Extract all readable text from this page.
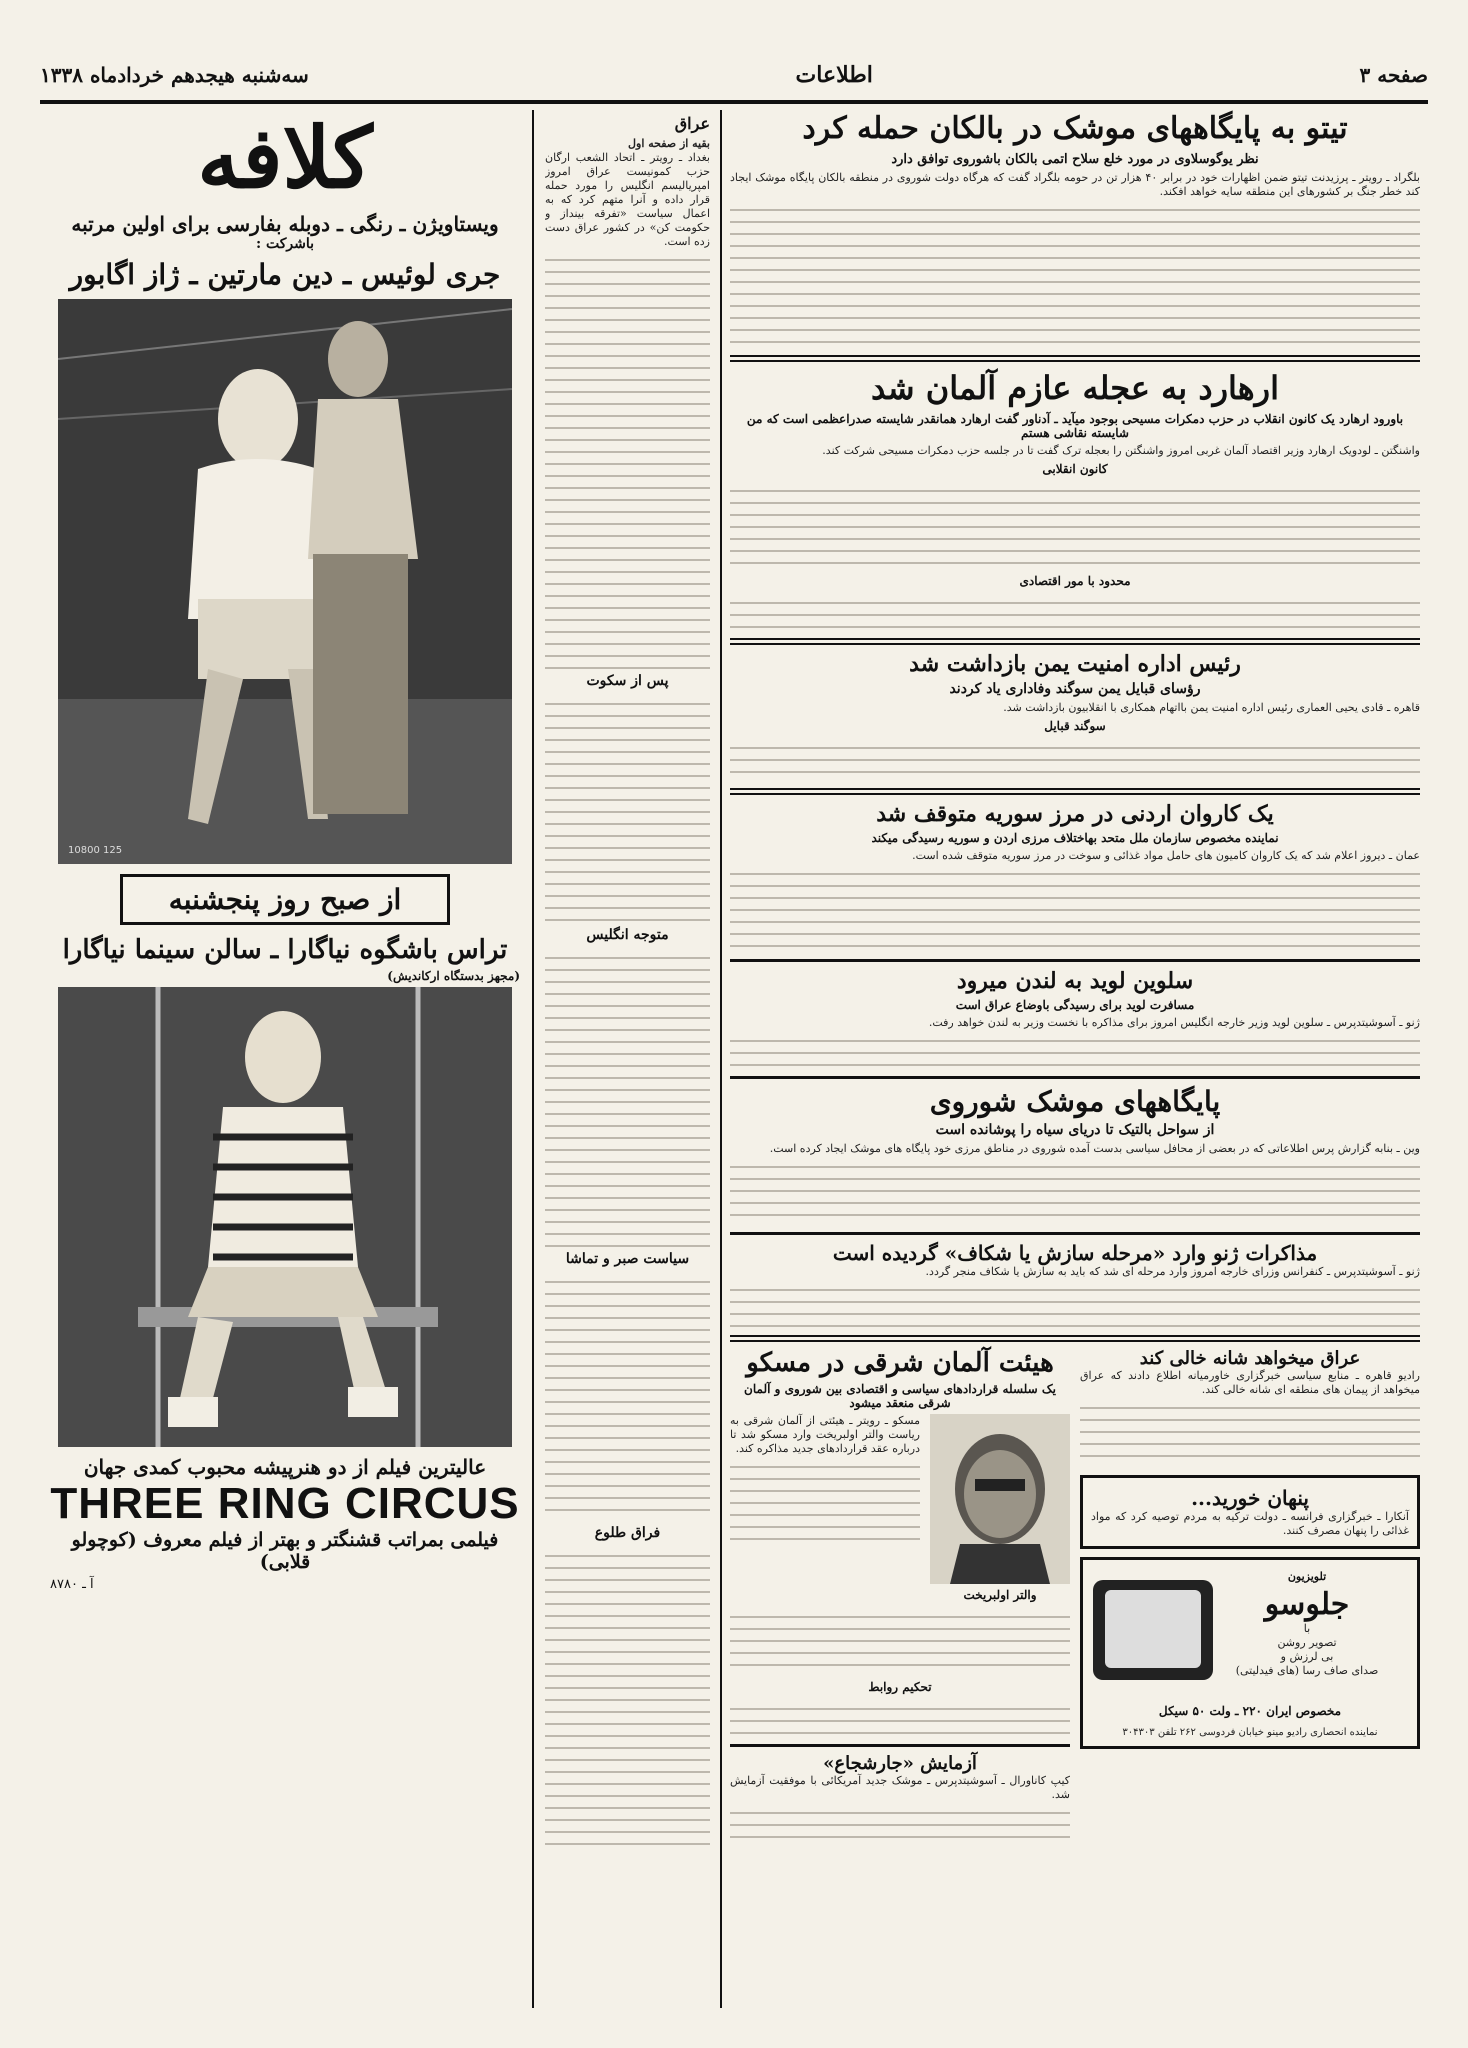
صفحه ۳
اطلاعات
سه‌شنبه هیجدهم خردادماه ۱۳۳۸
کلافه
ویستاویژن ـ رنگی ـ دوبله بفارسی برای اولین مرتبه
باشرکت :
جری لوئیس ـ دین مارتین ـ ژاز اگابور
10800 125
از صبح روز پنجشنبه
تراس باشگوه نیاگارا ـ سالن سینما نیاگارا
(مجهز بدستگاه ارکاندیش)
عالیترین فیلم از دو هنرپیشه محبوب کمدی جهان
THREE RING CIRCUS
فیلمی بمراتب قشنگتر و بهتر از فیلم معروف (کوچولو قلابی)
آ ـ ۸۷۸۰
عراق
بقیه از صفحه اول
بغداد ـ رویتر ـ اتحاد الشعب ارگان حزب کمونیست عراق امروز امپریالیسم انگلیس را مورد حمله قرار داده و آنرا متهم کرد که به اعمال سیاست «تفرقه بینداز و حکومت کن» در کشور عراق دست زده است.
پس از سکوت
متوجه انگلیس
سیاست صبر و تماشا
فراق طلوع
تیتو به پایگاههای موشک در بالکان حمله کرد
نظر یوگوسلاوی در مورد خلع سلاح اتمی بالکان باشوروی توافق دارد
بلگراد ـ رویتر ـ پرزیدنت تیتو ضمن اظهارات خود در برابر ۴۰ هزار تن در حومه بلگراد گفت که هرگاه دولت شوروی در منطقه بالکان پایگاه موشک ایجاد کند خطر جنگ بر کشورهای این منطقه سایه خواهد افکند.
ارهارد به عجله عازم آلمان شد
باورود ارهارد یک کانون انقلاب در حزب دمکرات مسیحی بوجود میآید ـ آدناور گفت ارهارد همانقدر شایسته صدراعظمی است که من شایسته نقاشی هستم
واشنگتن ـ لودویک ارهارد وزیر اقتصاد آلمان غربی امروز واشنگتن را بعجله ترک گفت تا در جلسه حزب دمکرات مسیحی شرکت کند.
کانون انقلابی
محدود با مور اقتصادی
رئیس اداره امنیت یمن بازداشت شد
رؤسای قبایل یمن سوگند وفاداری یاد کردند
قاهره ـ قادی یحیی العماری رئیس اداره امنیت یمن بااتهام همکاری با انقلابیون بازداشت شد.
سوگند قبایل
یک کاروان اردنی در مرز سوریه متوقف شد
نماینده مخصوص سازمان ملل متحد بهاختلاف مرزی اردن و سوریه رسیدگی میکند
عمان ـ دیروز اعلام شد که یک کاروان کامیون های حامل مواد غذائی و سوخت در مرز سوریه متوقف شده است.
سلوین لوید به لندن میرود
مسافرت لوید برای رسیدگی باوضاع عراق است
ژنو ـ آسوشیتدپرس ـ سلوین لوید وزیر خارجه انگلیس امروز برای مذاکره با نخست وزیر به لندن خواهد رفت.
پایگاههای موشک شوروی
از سواحل بالتیک تا دریای سیاه را پوشانده است
وین ـ بنابه گزارش پرس اطلاعاتی که در بعضی از محافل سیاسی بدست آمده شوروی در مناطق مرزی خود پایگاه های موشک ایجاد کرده است.
مذاکرات ژنو وارد «مرحله سازش یا شکاف» گردیده است
ژنو ـ آسوشیتدپرس ـ کنفرانس وزرای خارجه امروز وارد مرحله ای شد که باید به سازش یا شکاف منجر گردد.
عراق میخواهد شانه خالی کند
رادیو قاهره ـ منابع سیاسی خبرگزاری خاورمیانه اطلاع دادند که عراق میخواهد از پیمان های منطقه ای شانه خالی کند.
پنهان خورید...
آنکارا ـ خبرگزاری فرانسه ـ دولت ترکیه به مردم توصیه کرد که مواد غذائی را پنهان مصرف کنند.
تلویزیون
جلوسو
با
تصویر روشن
بی لرزش و
صدای صاف رسا (های فیدلیتی)
مخصوص ایران ۲۲۰ ـ ولت ۵۰ سیکل
نماینده انحصاری رادیو مینو خیابان فردوسی ۲۶۲ تلفن ۳۰۴۳۰۳
هیئت آلمان شرقی در مسکو
یک سلسله قراردادهای سیاسی و اقتصادی بین شوروی و آلمان شرقی منعقد میشود
مسکو ـ رویتر ـ هیئتی از آلمان شرقی به ریاست والتر اولبریخت وارد مسکو شد تا درباره عقد قراردادهای جدید مذاکره کند.
والتر اولبریخت
تحکیم روابط
آزمایش «جارشجاع»
کیپ کاناورال ـ آسوشیتدپرس ـ موشک جدید آمریکائی با موفقیت آزمایش شد.
